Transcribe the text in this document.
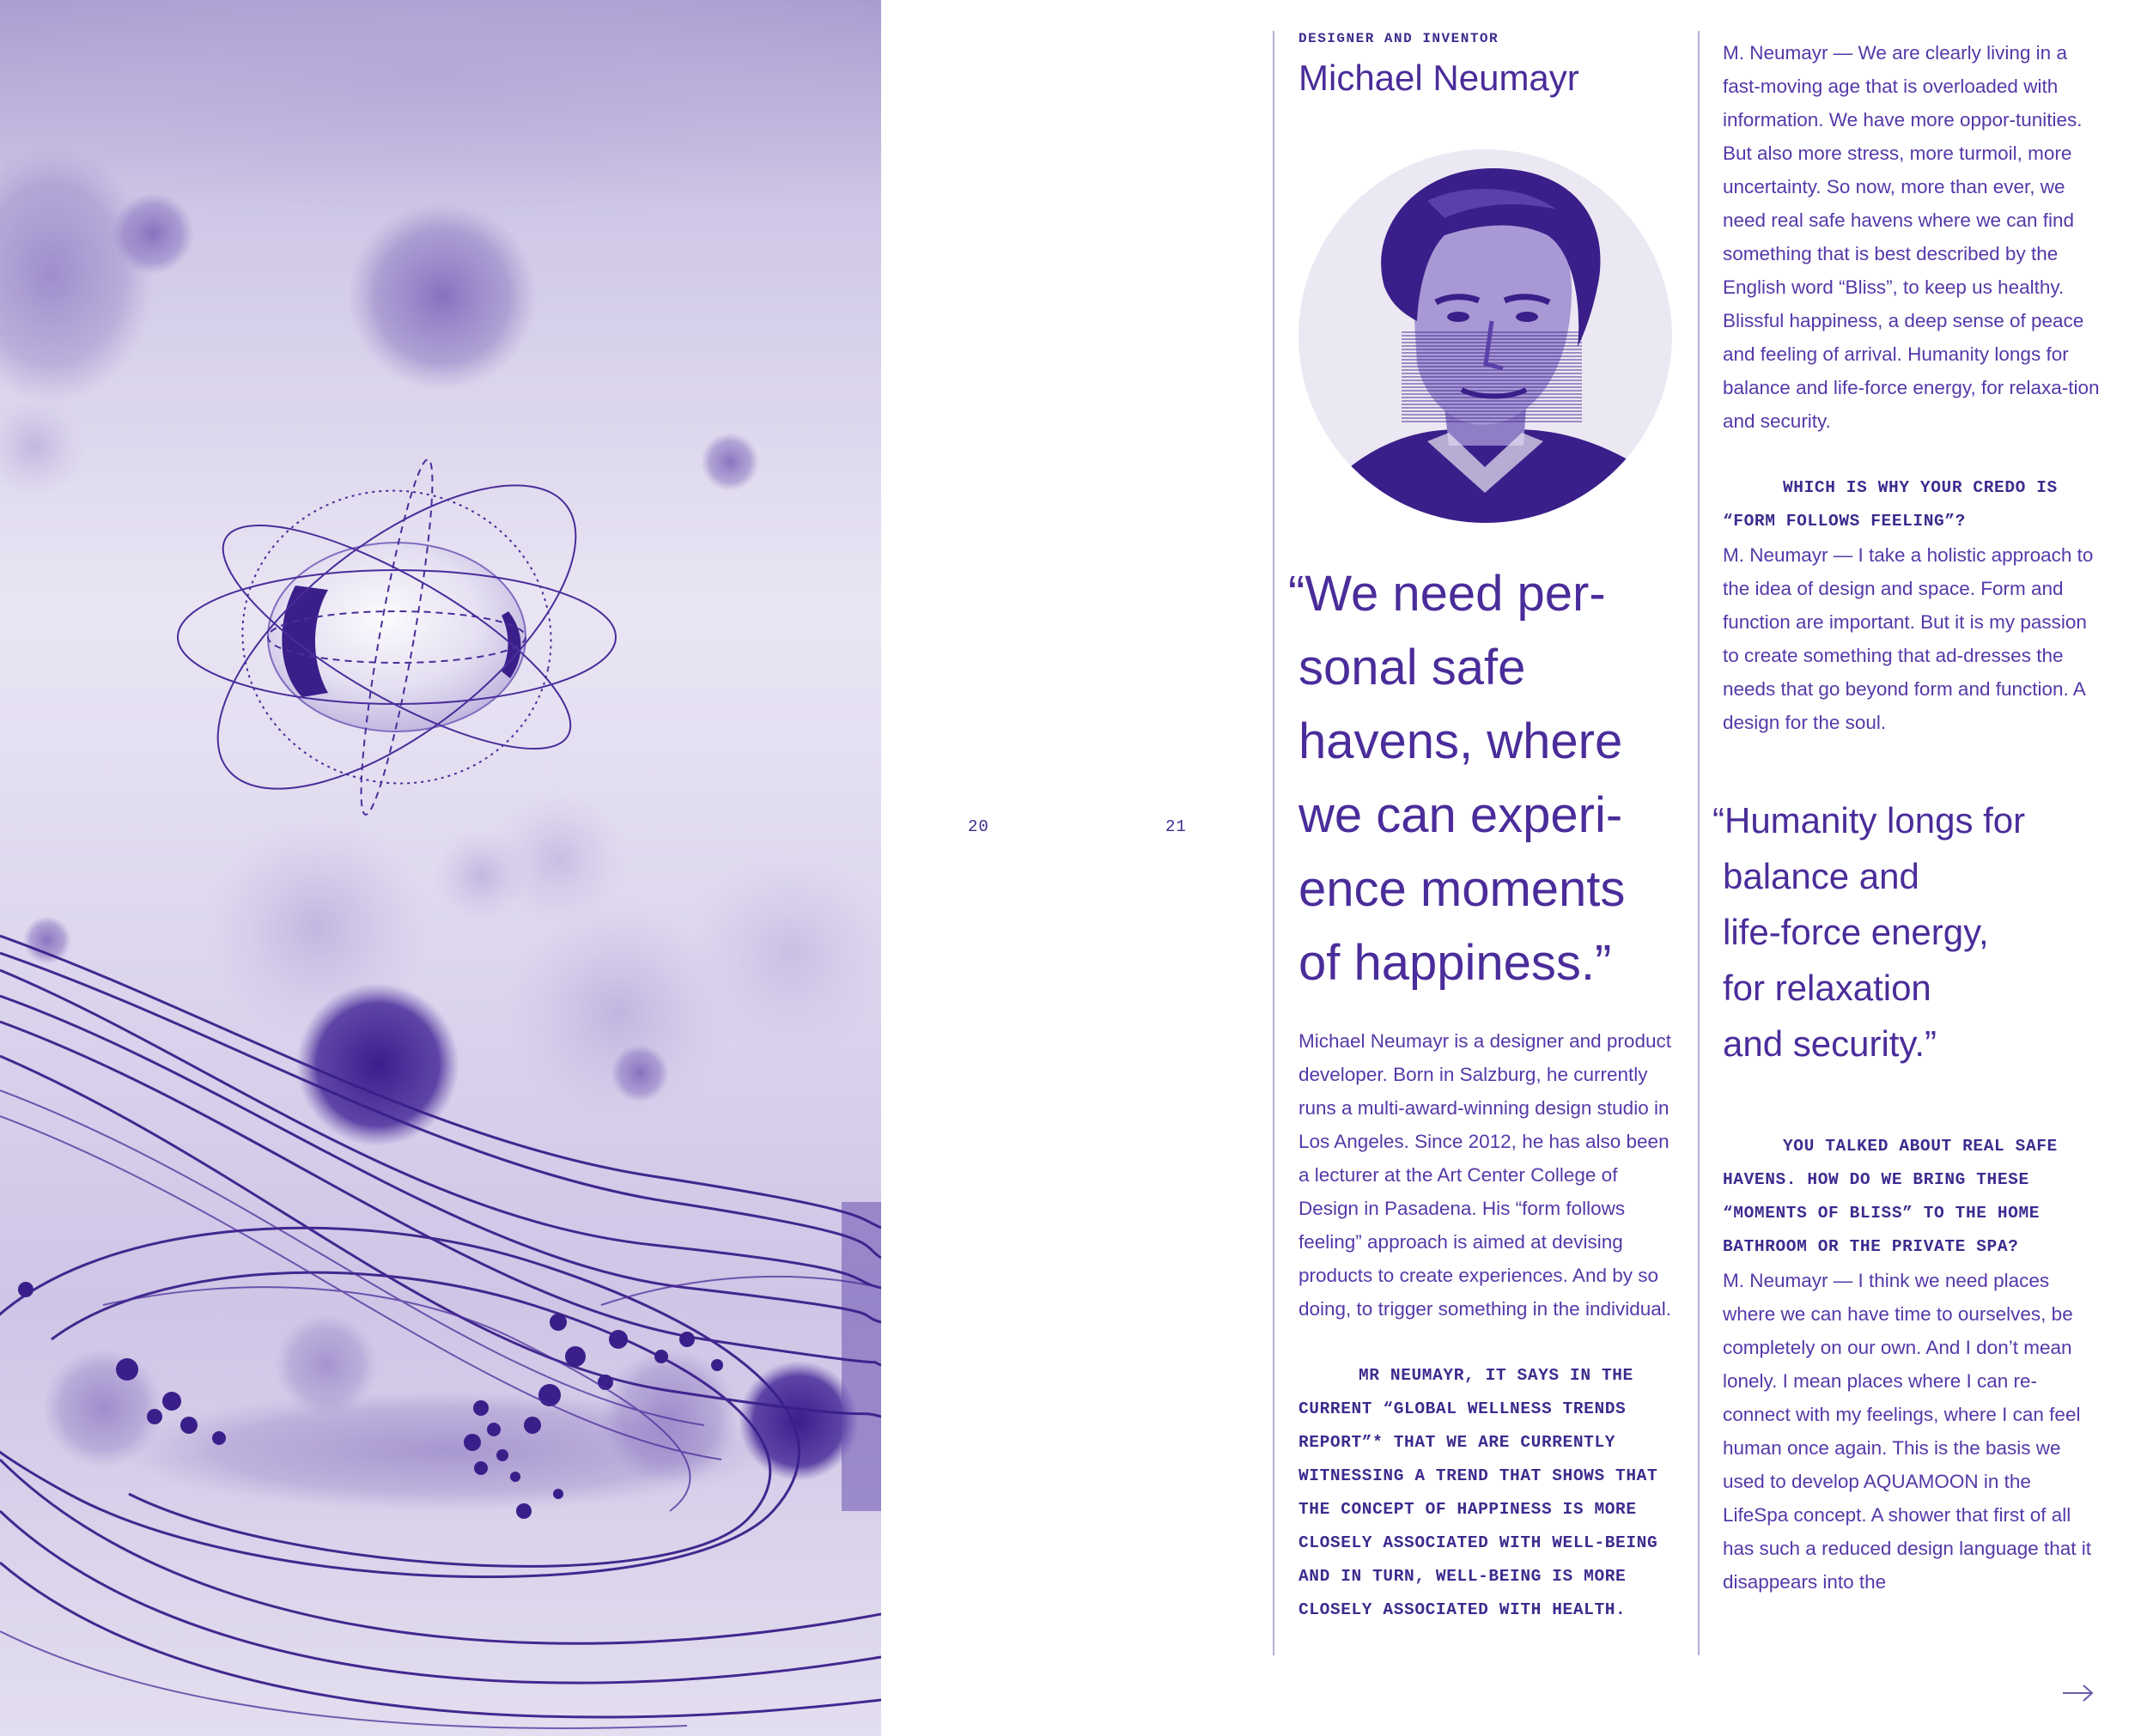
20	21
DESIGNER AND INVENTOR
Michael Neumayr
“We need per-
sonal safe
havens, where
we can experi-
ence moments
of happiness.”

Michael Neumayr is a designer and product developer. Born in Salzburg, he currently runs a multi-award-winning design studio in Los Angeles. Since 2012, he has also been a lecturer at the Art Center College of Design in Pasadena. His “form follows feeling” approach is aimed at devising products to create experiences. And by so doing, to trigger something in the individual.

MR NEUMAYR, IT SAYS IN THE CURRENT “GLOBAL WELLNESS TRENDS REPORT”* THAT WE ARE CURRENTLY WITNESSING A TREND THAT SHOWS THAT THE CONCEPT OF HAPPINESS IS MORE CLOSELY ASSOCIATED WITH WELL-BEING AND IN TURN, WELL-BEING IS MORE CLOSELY ASSOCIATED WITH HEALTH.

M. Neumayr — We are clearly living in a fast-moving age that is overloaded with information. We have more oppor-tunities. But also more stress, more turmoil, more uncertainty. So now, more than ever, we need real safe havens where we can find something that is best described by the English word “Bliss”, to keep us healthy. Blissful happiness, a deep sense of peace and feeling of arrival. Humanity longs for balance and life-force energy, for relaxa-tion and security.

WHICH IS WHY YOUR CREDO IS “FORM FOLLOWS FEELING”?

M. Neumayr — I take a holistic approach to the idea of design and space. Form and function are important. But it is my passion to create something that ad-dresses the needs that go beyond form and function. A design for the soul.

“Humanity longs for
balance and
life-force energy,
for relaxation
and security.”

YOU TALKED ABOUT REAL SAFE HAVENS. HOW DO WE BRING THESE “MOMENTS OF BLISS” TO THE HOME BATHROOM OR THE PRIVATE SPA?

M. Neumayr — I think we need places where we can have time to ourselves, be completely on our own. And I don’t mean lonely. I mean places where I can re-connect with my feelings, where I can feel human once again. This is the basis we used to develop AQUAMOON in the LifeSpa concept. A shower that first of all has such a reduced design language that it disappears into the
